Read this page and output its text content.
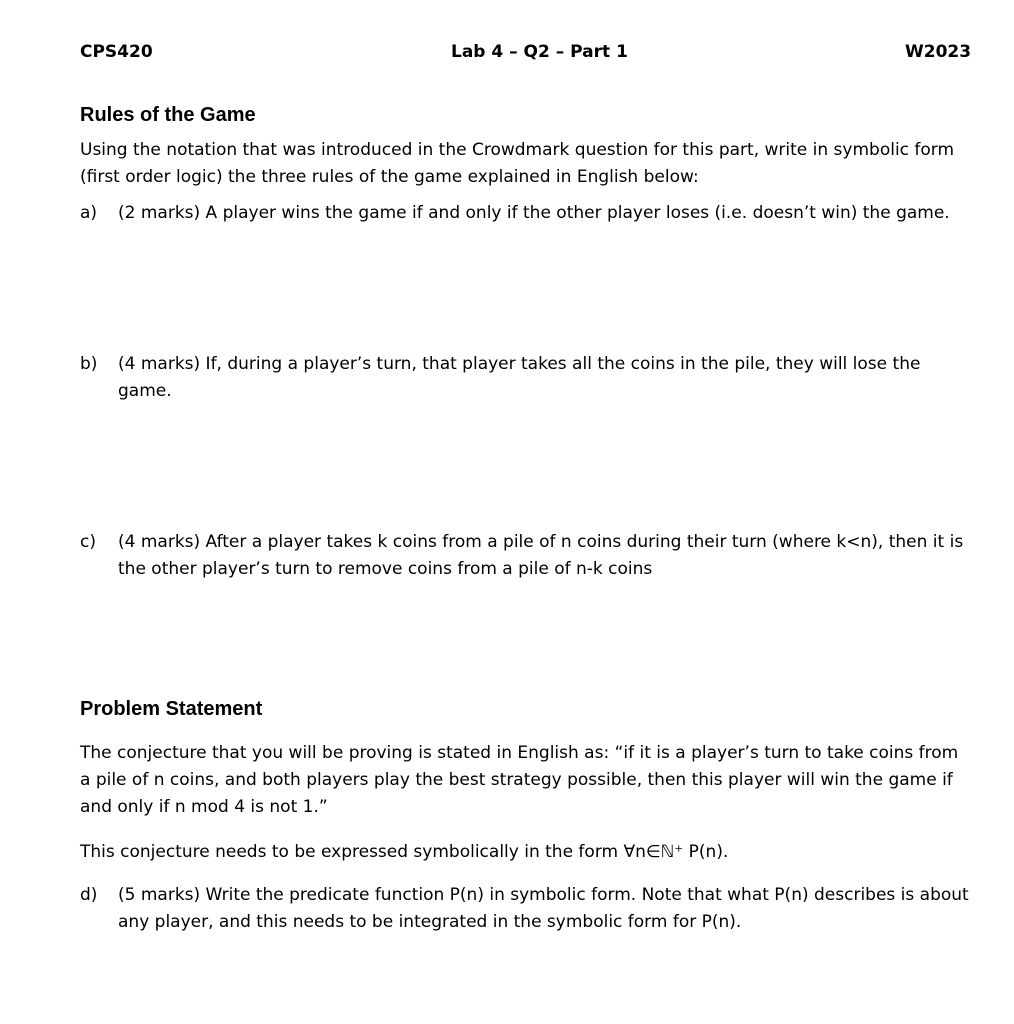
CPS420	Lab 4 – Q2 – Part 1	W2023
Rules of the Game
Using the notation that was introduced in the Crowdmark question for this part, write in symbolic form (first order logic) the three rules of the game explained in English below:
a) (2 marks) A player wins the game if and only if the other player loses (i.e. doesn’t win) the game.
b) (4 marks) If, during a player’s turn, that player takes all the coins in the pile, they will lose the game.
c) (4 marks) After a player takes k coins from a pile of n coins during their turn (where k<n), then it is the other player’s turn to remove coins from a pile of n-k coins
Problem Statement
The conjecture that you will be proving is stated in English as: “if it is a player’s turn to take coins from a pile of n coins, and both players play the best strategy possible, then this player will win the game if and only if n mod 4 is not 1.”
This conjecture needs to be expressed symbolically in the form ∀n∈ℕ⁺ P(n).
d) (5 marks) Write the predicate function P(n) in symbolic form. Note that what P(n) describes is about any player, and this needs to be integrated in the symbolic form for P(n).
